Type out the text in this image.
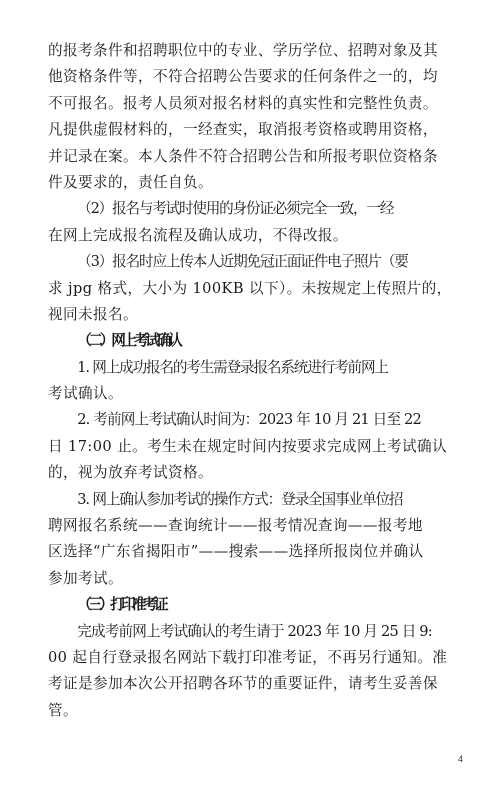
的报考条件和招聘职位中的专业、学历学位、招聘对象及其

他资格条件等，不符合招聘公告要求的任何条件之一的，均

不可报名。报考人员须对报名材料的真实性和完整性负责。

凡提供虚假材料的，一经查实，取消报考资格或聘用资格，

并记录在案。本人条件不符合招聘公告和所报考职位资格条

件及要求的，责任自负。

（2）报名与考试时使用的身份证必须完全一致，一经

在网上完成报名流程及确认成功，不得改报。

（3）报名时应上传本人近期免冠正面证件电子照片（要

求 jpg 格式，大小为 100KB 以下）。未按规定上传照片的，

视同未报名。

（二）网上考试确认

1. 网上成功报名的考生需登录报名系统进行考前网上

考试确认。

2. 考前网上考试确认时间为：2023 年 10 月 21 日至 22

日 17:00 止。考生未在规定时间内按要求完成网上考试确认

的，视为放弃考试资格。

3. 网上确认参加考试的操作方式：登录全国事业单位招

聘网报名系统——查询统计——报考情况查询——报考地

区选择“广东省揭阳市”——搜索——选择所报岗位并确认

参加考试。

（三）打印准考证

完成考前网上考试确认的考生请于 2023 年 10 月 25 日 9:

00 起自行登录报名网站下载打印准考证，不再另行通知。准

考证是参加本次公开招聘各环节的重要证件，请考生妥善保

管。

4
